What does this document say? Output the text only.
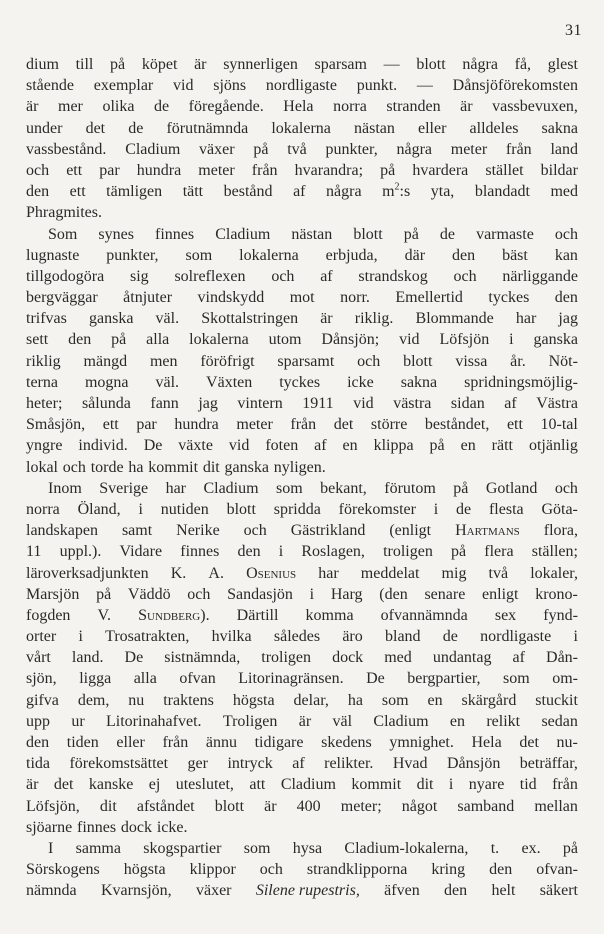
31
dium till på köpet är synnerligen sparsam — blott några få, glest
stående exemplar vid sjöns nordligaste punkt. — Dånsjöförekomsten
är mer olika de föregående. Hela norra stranden är vassbevuxen,
under det de förutnämnda lokalerna nästan eller alldeles sakna
vassbestånd. Cladium växer på två punkter, några meter från land
och ett par hundra meter från hvarandra; på hvardera stället bildar
den ett tämligen tätt bestånd af några $m^2:s$ yta, blandadt med
Phragmites.
Som synes finnes Cladium nästan blott på de varmaste och
lugnaste punkter, som lokalerna erbjuda, där den bäst kan
tillgodogöra sig solreflexen och af strandskog och närliggande
bergväggar åtnjuter vindskydd mot norr. Emellertid tyckes den
trifvas ganska väl. Skottalstringen är riklig. Blommande har jag
sett den på alla lokalerna utom Dånsjön; vid Löfsjön i ganska
riklig mängd men föröfrigt sparsamt och blott vissa år. Nöt-
terna mogna väl. Växten tyckes icke sakna spridningsmöjlig-
heter; sålunda fann jag vintern 1911 vid västra sidan af Västra
Småsjön, ett par hundra meter från det större beståndet, ett 10-tal
yngre individ. De växte vid foten af en klippa på en rätt otjänlig
lokal och torde ha kommit dit ganska nyligen.
Inom Sverige har Cladium som bekant, förutom på Gotland och
norra Öland, i nutiden blott spridda förekomster i de flesta Göta-
landskapen samt Nerike och Gästrikland (enligt Hartmans flora,
11 uppl.). Vidare finnes den i Roslagen, troligen på flera ställen;
läroverksadjunkten K. A. Osenius har meddelat mig två lokaler,
Marsjön på Väddö och Sandasjön i Harg (den senare enligt krono-
fogden V. Sundberg). Därtill komma ofvannämnda sex fynd-
orter i Trosatrakten, hvilka således äro bland de nordligaste i
vårt land. De sistnämnda, troligen dock med undantag af Dån-
sjön, ligga alla ofvan Litorinagränsen. De bergpartier, som om-
gifva dem, nu traktens högsta delar, ha som en skärgård stuckit
upp ur Litorinahafvet. Troligen är väl Cladium en relikt sedan
den tiden eller från ännu tidigare skedens ymnighet. Hela det nu-
tida förekomstsättet ger intryck af relikter. Hvad Dånsjön beträffar,
är det kanske ej uteslutet, att Cladium kommit dit i nyare tid från
Löfsjön, dit afståndet blott är 400 meter; något samband mellan
sjöarne finnes dock icke.
I samma skogspartier som hysa Cladium-lokalerna, t. ex. på
Sörskogens högsta klippor och strandklipporna kring den ofvan-
nämnda Kvarnsjön, växer Silene rupestris, äfven den helt säkert
